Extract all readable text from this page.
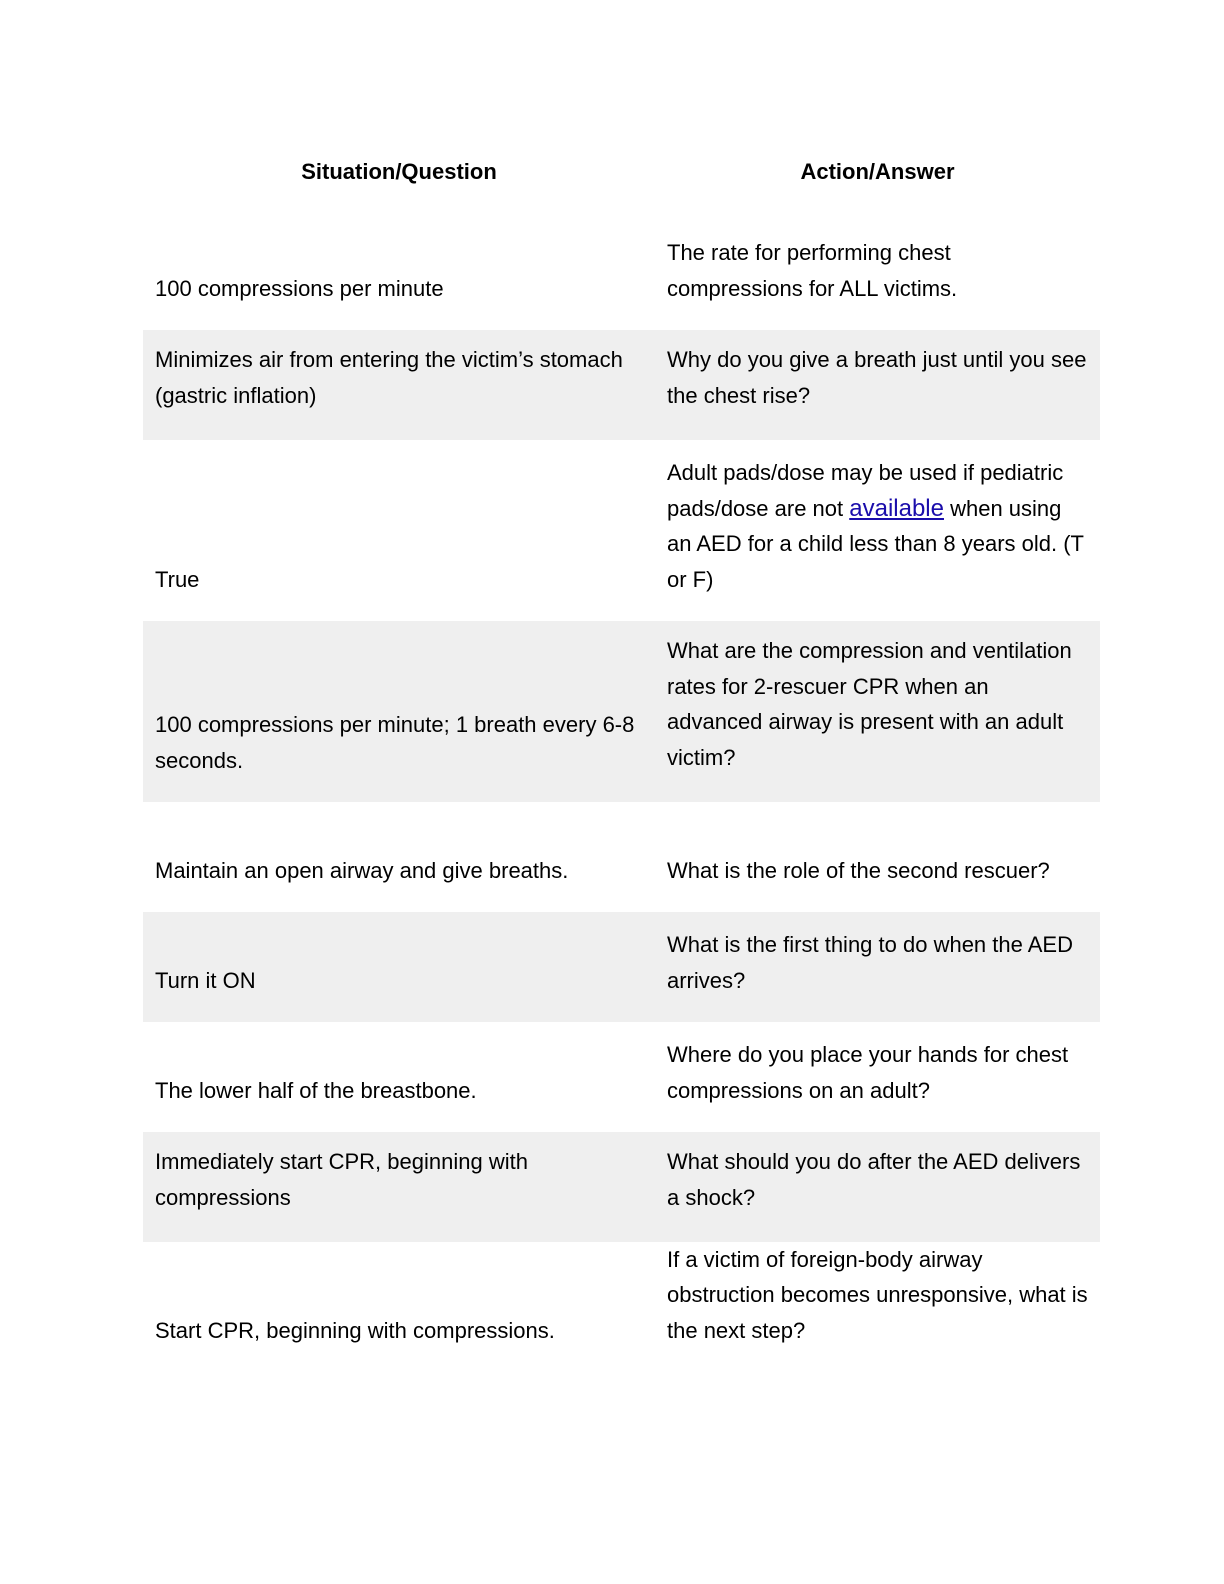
Situation/Question	Action/Answer
100 compressions per minute
The rate for performing chest compressions for ALL victims.
Minimizes air from entering the victim’s stomach (gastric inflation)
Why do you give a breath just until you see the chest rise?
True
Adult pads/dose may be used if pediatric pads/dose are not available when using an AED for a child less than 8 years old. (T or F)
100 compressions per minute; 1 breath every 6-8 seconds.
What are the compression and ventilation rates for 2-rescuer CPR when an advanced airway is present with an adult victim?
Maintain an open airway and give breaths.	What is the role of the second rescuer?
Turn it ON
What is the first thing to do when the AED arrives?
The lower half of the breastbone.
Where do you place your hands for chest compressions on an adult?
Immediately start CPR, beginning with compressions
What should you do after the AED delivers a shock?
Start CPR, beginning with compressions.
If a victim of foreign-body airway obstruction becomes unresponsive, what is the next step?
